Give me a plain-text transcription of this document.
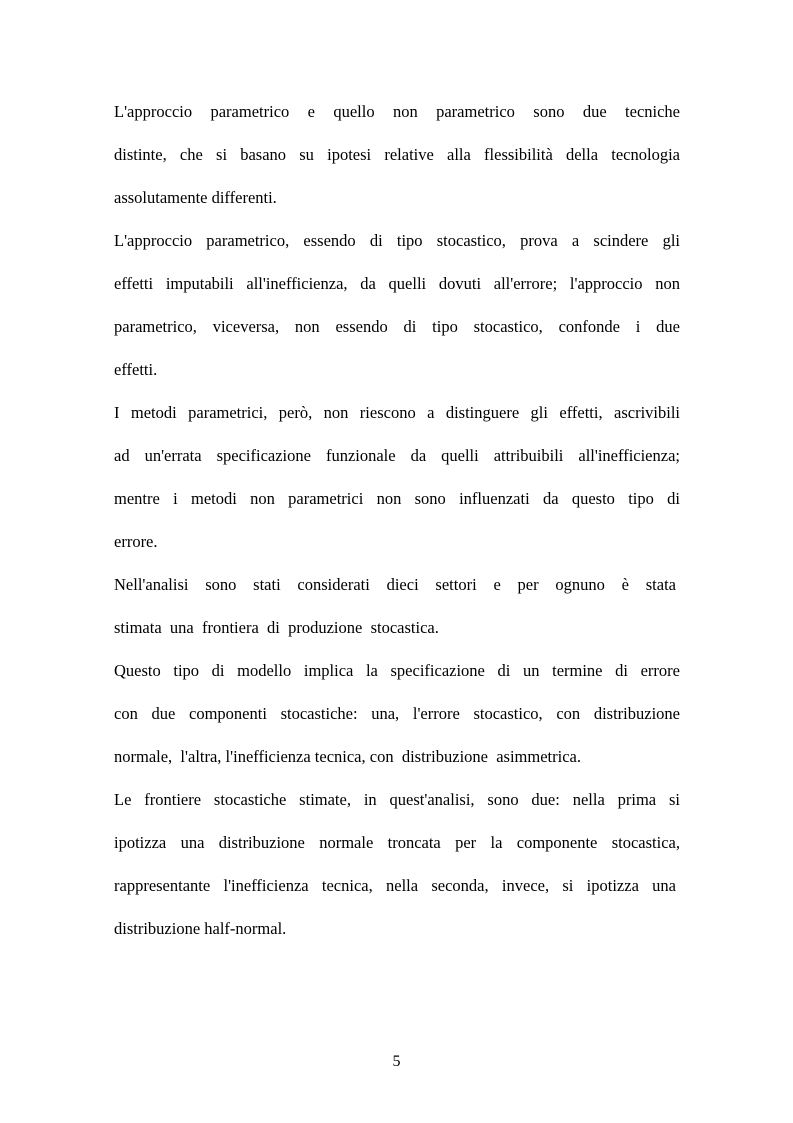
L'approccio parametrico e quello non parametrico sono due tecniche
distinte, che si basano su ipotesi relative alla flessibilità della tecnologia
assolutamente differenti.
L'approccio parametrico, essendo di tipo stocastico, prova a scindere gli
effetti imputabili all'inefficienza, da quelli dovuti all'errore; l'approccio non
parametrico, viceversa, non essendo di tipo stocastico, confonde i due
effetti.
I metodi parametrici, però, non riescono a distinguere gli effetti, ascrivibili
ad un'errata specificazione funzionale da quelli attribuibili all'inefficienza;
mentre i metodi non parametrici non sono influenzati da questo tipo di
errore.
Nell'analisi sono stati considerati dieci settori e per ognuno è stata
stimata  una  frontiera  di  produzione  stocastica.
Questo tipo di modello implica la specificazione di un termine di errore
con due componenti stocastiche: una, l'errore stocastico, con distribuzione
normale,  l'altra, l'inefficienza tecnica, con  distribuzione  asimmetrica.
Le frontiere stocastiche stimate, in quest'analisi, sono due: nella prima si
ipotizza una distribuzione normale troncata per la componente stocastica,
rappresentante l'inefficienza tecnica, nella seconda, invece, si ipotizza una
distribuzione half-normal.
5
